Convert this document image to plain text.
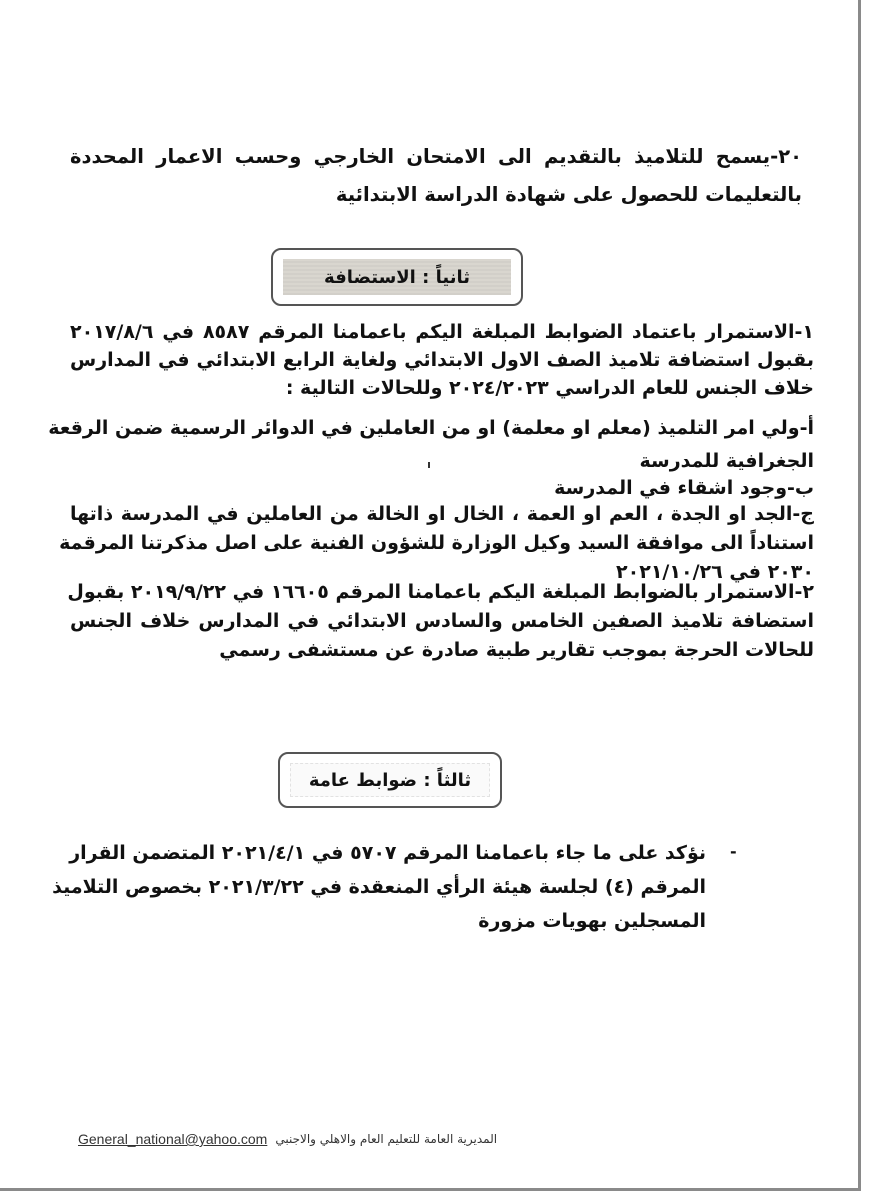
٢٠-يسمح للتلاميذ بالتقديم الى الامتحان الخارجي وحسب الاعمار المحددة
بالتعليمات للحصول على شهادة الدراسة الابتدائية
ثانياً : الاستضافة
١-الاستمرار باعتماد الضوابط المبلغة اليكم باعمامنا المرقم ٨٥٨٧ في ٢٠١٧/٨/٦
بقبول استضافة تلاميذ الصف الاول الابتدائي ولغاية الرابع الابتدائي في المدارس
خلاف الجنس للعام الدراسي ٢٠٢٤/٢٠٢٣ وللحالات التالية :
أ-ولي امر التلميذ (معلم او معلمة) او من العاملين في الدوائر الرسمية ضمن الرقعة
الجغرافية للمدرسة
ب-وجود اشقاء في المدرسة
ج-الجد او الجدة ، العم او العمة ، الخال او الخالة من العاملين في المدرسة ذاتها
استناداً الى موافقة السيد وكيل الوزارة للشؤون الفنية على اصل مذكرتنا المرقمة
٢٠٣٠ في ٢٠٢١/١٠/٢٦
٢-الاستمرار بالضوابط المبلغة اليكم باعمامنا المرقم ١٦٦٠٥ في ٢٠١٩/٩/٢٢ بقبول
استضافة تلاميذ الصفين الخامس والسادس الابتدائي في المدارس خلاف الجنس
للحالات الحرجة بموجب تقارير طبية صادرة عن مستشفى رسمي
ثالثاً : ضوابط عامة
-
نؤكد على ما جاء باعمامنا المرقم ٥٧٠٧ في ٢٠٢١/٤/١ المتضمن القرار
المرقم (٤) لجلسة هيئة الرأي المنعقدة في ٢٠٢١/٣/٢٢ بخصوص التلاميذ
المسجلين بهويات مزورة
General_national@yahoo.com المديرية العامة للتعليم العام والاهلي والاجنبي
